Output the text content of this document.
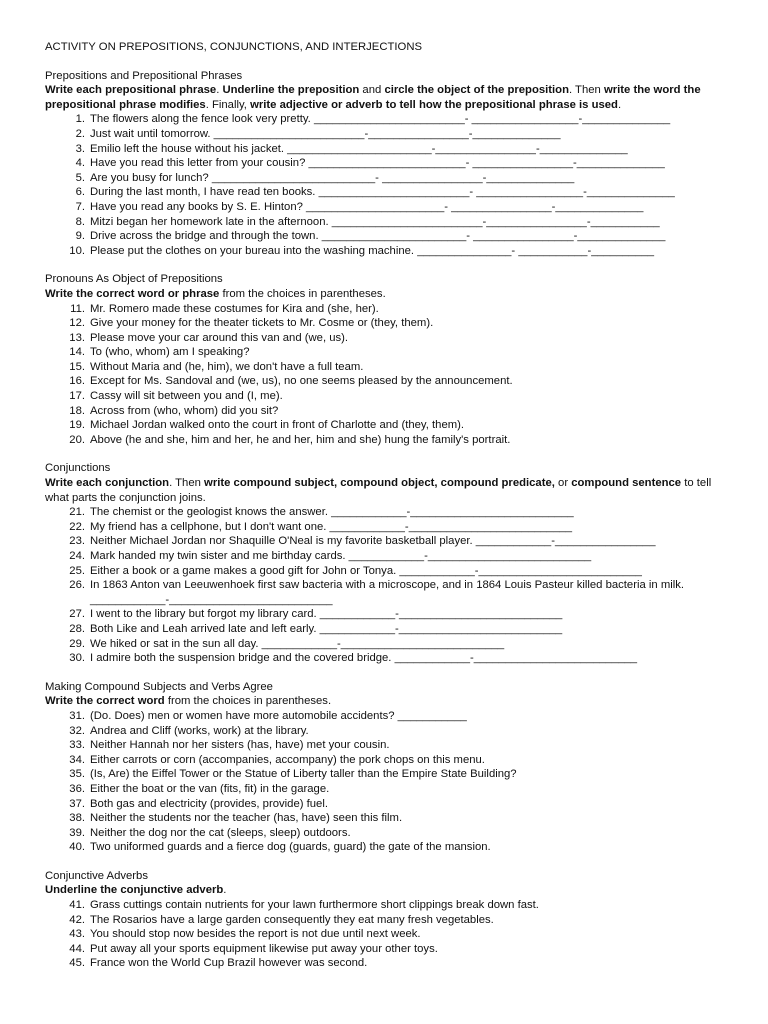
ACTIVITY ON PREPOSITIONS, CONJUNCTIONS, AND INTERJECTIONS
Prepositions and Prepositional Phrases
Write each prepositional phrase. Underline the preposition and circle the object of the preposition. Then write the word the prepositional phrase modifies. Finally, write adjective or adverb to tell how the prepositional phrase is used.
1. The flowers along the fence look very pretty. ________________________- _________________-______________
2. Just wait until tomorrow. ________________________-________________-______________
3. Emilio left the house without his jacket. _______________________-________________-______________
4. Have you read this letter from your cousin? _________________________- ________________-______________
5. Are you busy for lunch? __________________________- ________________-______________
6. During the last month, I have read ten books. ________________________- _________________-______________
7. Have you read any books by S. E. Hinton? ______________________- ________________-______________
8. Mitzi began her homework late in the afternoon. ________________________-________________-___________
9. Drive across the bridge and through the town. _______________________- ________________-______________
10. Please put the clothes on your bureau into the washing machine. _______________- ___________-__________
Pronouns As Object of Prepositions
Write the correct word or phrase from the choices in parentheses.
11. Mr. Romero made these costumes for Kira and (she, her).
12. Give your money for the theater tickets to Mr. Cosme or (they, them).
13. Please move your car around this van and (we, us).
14. To (who, whom) am I speaking?
15. Without Maria and (he, him), we don't have a full team.
16. Except for Ms. Sandoval and (we, us), no one seems pleased by the announcement.
17. Cassy will sit between you and (I, me).
18. Across from (who, whom) did you sit?
19. Michael Jordan walked onto the court in front of Charlotte and (they, them).
20. Above (he and she, him and her, he and her, him and she) hung the family's portrait.
Conjunctions
Write each conjunction. Then write compound subject, compound object, compound predicate, or compound sentence to tell what parts the conjunction joins.
21. The chemist or the geologist knows the answer. ____________-__________________________
22. My friend has a cellphone, but I don't want one. ____________-__________________________
23. Neither Michael Jordan nor Shaquille O'Neal is my favorite basketball player. ____________-________________
24. Mark handed my twin sister and me birthday cards. ____________-__________________________
25. Either a book or a game makes a good gift for John or Tonya. ____________-__________________________
26. In 1863 Anton van Leeuwenhoek first saw bacteria with a microscope, and in 1864 Louis Pasteur killed bacteria in milk. ____________-__________________________
27. I went to the library but forgot my library card. ____________-__________________________
28. Both Like and Leah arrived late and left early. ____________-__________________________
29. We hiked or sat in the sun all day. ____________-__________________________
30. I admire both the suspension bridge and the covered bridge. ____________-__________________________
Making Compound Subjects and Verbs Agree
Write the correct word from the choices in parentheses.
31. (Do. Does) men or women have more automobile accidents? ___________
32. Andrea and Cliff (works, work) at the library.
33. Neither Hannah nor her sisters (has, have) met your cousin.
34. Either carrots or corn (accompanies, accompany) the pork chops on this menu.
35. (Is, Are) the Eiffel Tower or the Statue of Liberty taller than the Empire State Building?
36. Either the boat or the van (fits, fit) in the garage.
37. Both gas and electricity (provides, provide) fuel.
38. Neither the students nor the teacher (has, have) seen this film.
39. Neither the dog nor the cat (sleeps, sleep) outdoors.
40. Two uniformed guards and a fierce dog (guards, guard) the gate of the mansion.
Conjunctive Adverbs
Underline the conjunctive adverb.
41. Grass cuttings contain nutrients for your lawn furthermore short clippings break down fast.
42. The Rosarios have a large garden consequently they eat many fresh vegetables.
43. You should stop now besides the report is not due until next week.
44. Put away all your sports equipment likewise put away your other toys.
45. France won the World Cup Brazil however was second.
